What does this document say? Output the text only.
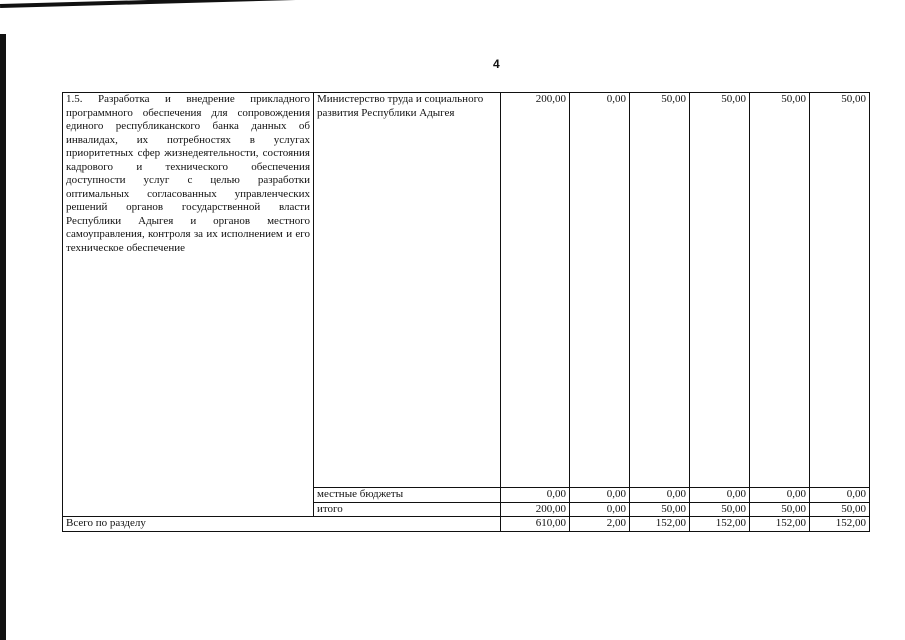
4
1.5. Разработка и внедрение прикладного программного обеспечения для сопровождения единого республиканского банка данных об инвалидах, их потребностях в услугах приоритетных сфер жизнедеятельности, состояния кадрового и технического обеспечения доступности услуг с целью разработки оптимальных согласованных управленческих решений органов государственной власти Республики Адыгея и органов местного самоуправления, контроля за их исполнением и его техническое обеспечение	Министерство труда и социального развития Республики Адыгея	200,00	0,00	50,00	50,00	50,00	50,00
	местные бюджеты	0,00	0,00	0,00	0,00	0,00	0,00
	итого	200,00	0,00	50,00	50,00	50,00	50,00
Всего по разделу		610,00	2,00	152,00	152,00	152,00	152,00
